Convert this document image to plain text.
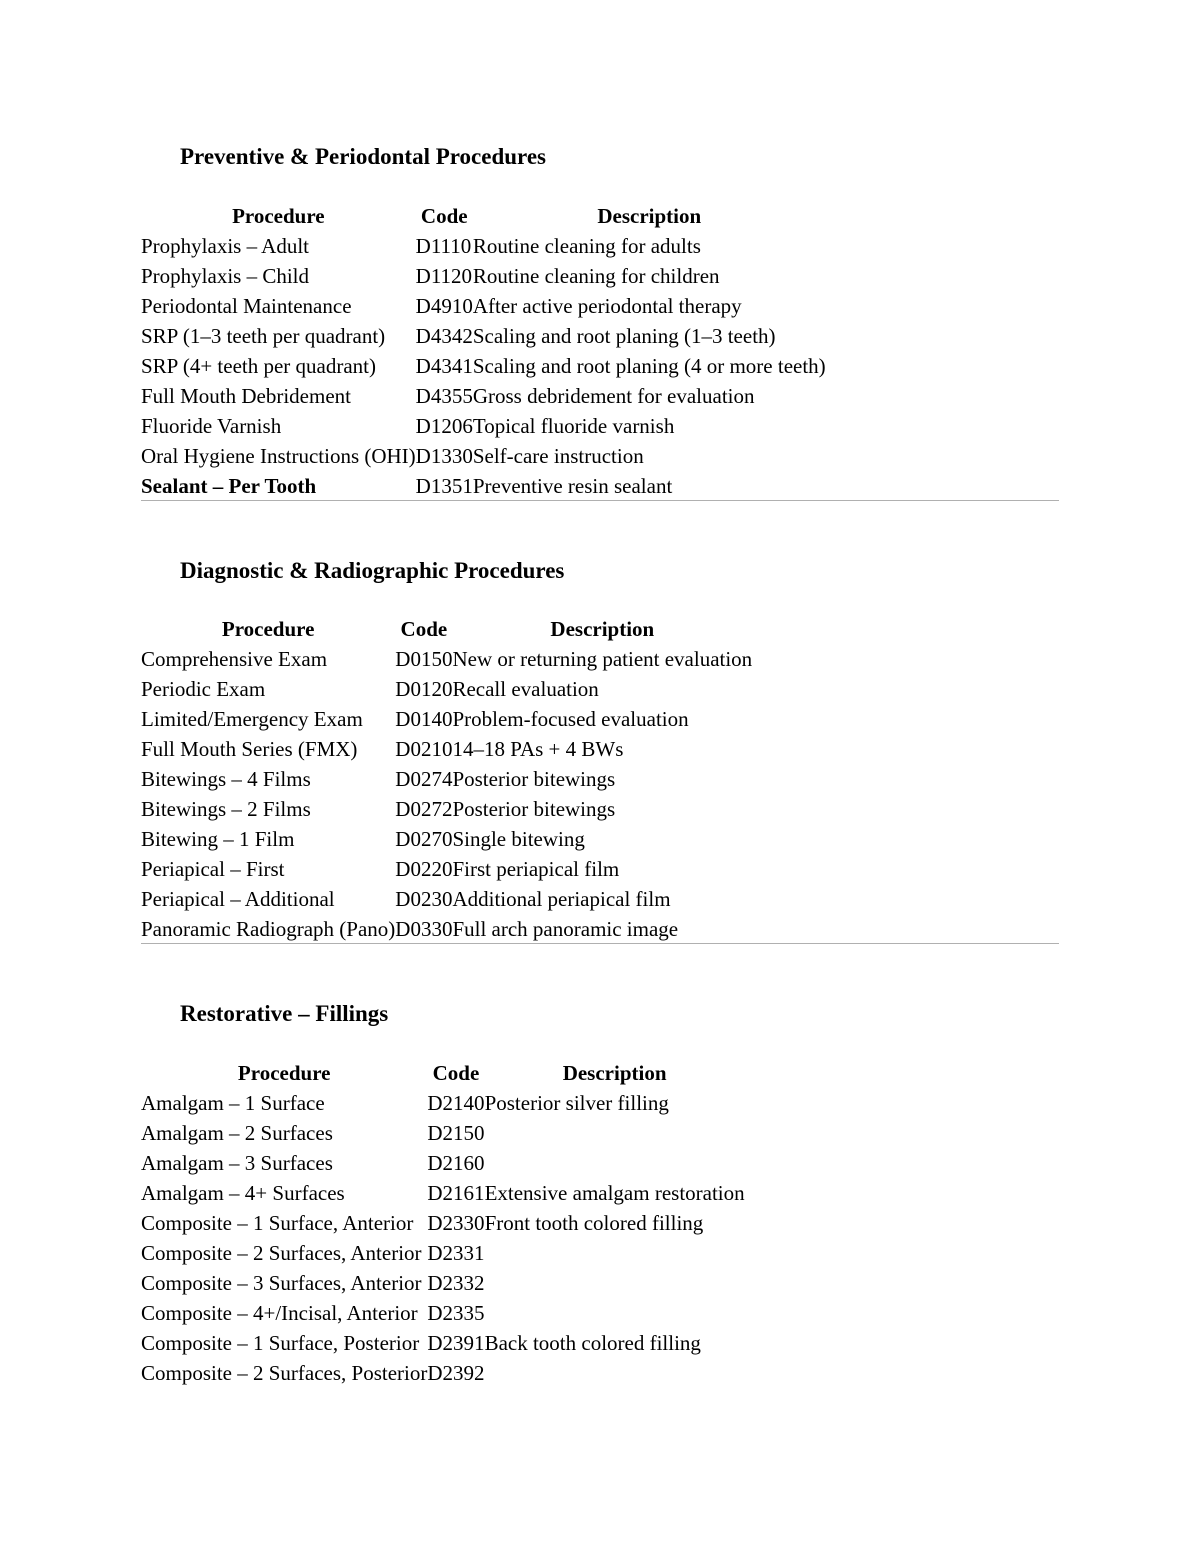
Preventive & Periodontal Procedures
Procedure	Code	Description
Prophylaxis – Adult	D1110	Routine cleaning for adults
Prophylaxis – Child	D1120	Routine cleaning for children
Periodontal Maintenance	D4910	After active periodontal therapy
SRP (1–3 teeth per quadrant)	D4342	Scaling and root planing (1–3 teeth)
SRP (4+ teeth per quadrant)	D4341	Scaling and root planing (4 or more teeth)
Full Mouth Debridement	D4355	Gross debridement for evaluation
Fluoride Varnish	D1206	Topical fluoride varnish
Oral Hygiene Instructions (OHI)	D1330	Self-care instruction
Sealant – Per Tooth	D1351	Preventive resin sealant
Diagnostic & Radiographic Procedures
Procedure	Code	Description
Comprehensive Exam	D0150	New or returning patient evaluation
Periodic Exam	D0120	Recall evaluation
Limited/Emergency Exam	D0140	Problem-focused evaluation
Full Mouth Series (FMX)	D0210	14–18 PAs + 4 BWs
Bitewings – 4 Films	D0274	Posterior bitewings
Bitewings – 2 Films	D0272	Posterior bitewings
Bitewing – 1 Film	D0270	Single bitewing
Periapical – First	D0220	First periapical film
Periapical – Additional	D0230	Additional periapical film
Panoramic Radiograph (Pano)	D0330	Full arch panoramic image
Restorative – Fillings
Procedure	Code	Description
Amalgam – 1 Surface	D2140	Posterior silver filling
Amalgam – 2 Surfaces	D2150	
Amalgam – 3 Surfaces	D2160	
Amalgam – 4+ Surfaces	D2161	Extensive amalgam restoration
Composite – 1 Surface, Anterior	D2330	Front tooth colored filling
Composite – 2 Surfaces, Anterior	D2331	
Composite – 3 Surfaces, Anterior	D2332	
Composite – 4+/Incisal, Anterior	D2335	
Composite – 1 Surface, Posterior	D2391	Back tooth colored filling
Composite – 2 Surfaces, Posterior	D2392	
